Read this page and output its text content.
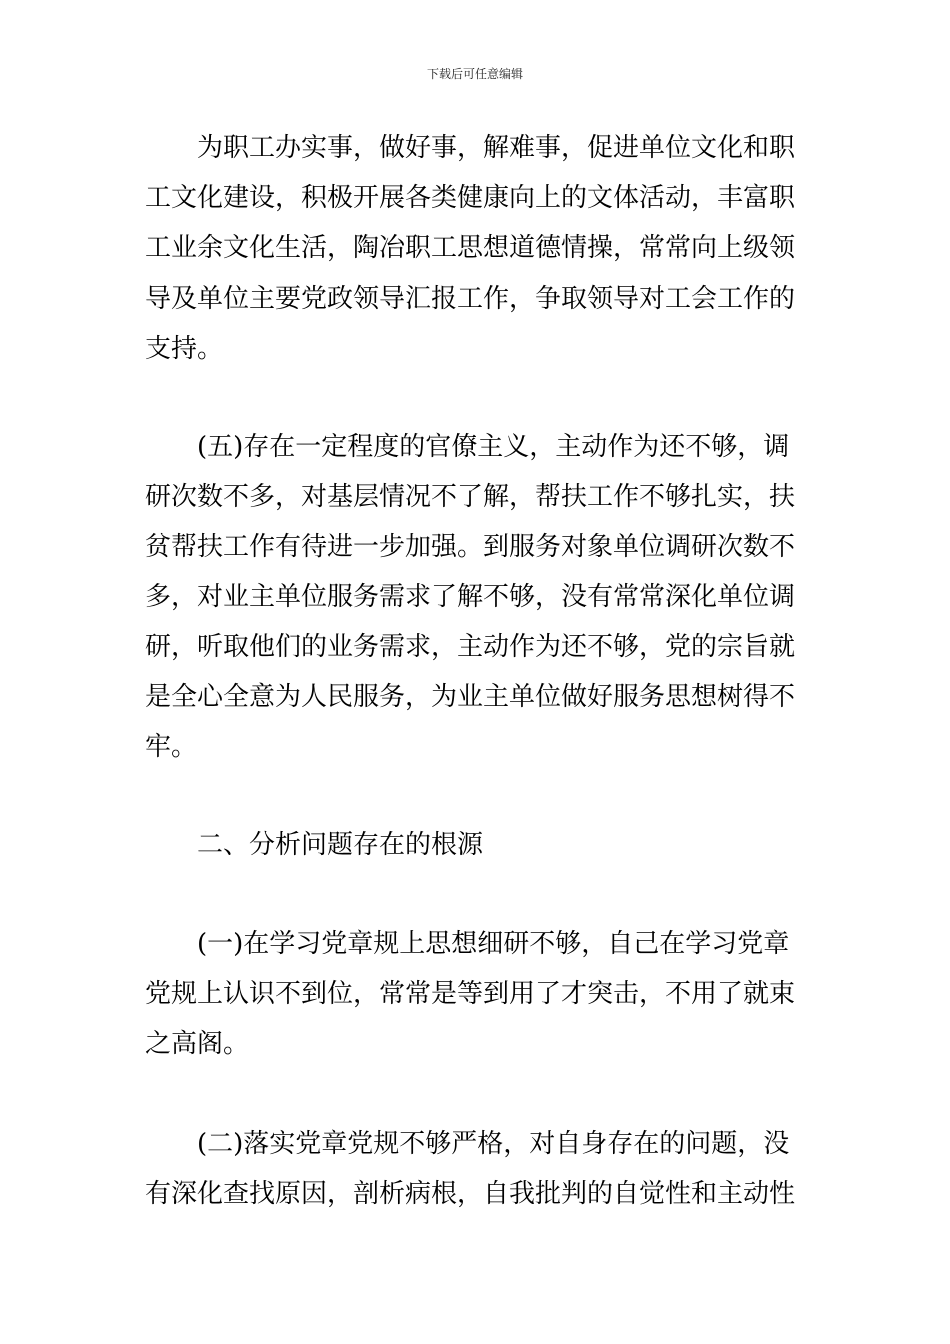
下载后可任意编辑
为职工办实事，做好事，解难事，促进单位文化和职
工文化建设，积极开展各类健康向上的文体活动，丰富职
工业余文化生活，陶冶职工思想道德情操，常常向上级领
导及单位主要党政领导汇报工作，争取领导对工会工作的
支持。
(五)存在一定程度的官僚主义，主动作为还不够，调
研次数不多，对基层情况不了解，帮扶工作不够扎实，扶
贫帮扶工作有待进一步加强。到服务对象单位调研次数不
多，对业主单位服务需求了解不够，没有常常深化单位调
研，听取他们的业务需求，主动作为还不够，党的宗旨就
是全心全意为人民服务，为业主单位做好服务思想树得不
牢。
二、分析问题存在的根源
(一)在学习党章规上思想细研不够，自己在学习党章
党规上认识不到位，常常是等到用了才突击，不用了就束
之高阁。
(二)落实党章党规不够严格，对自身存在的问题，没
有深化查找原因，剖析病根，自我批判的自觉性和主动性
